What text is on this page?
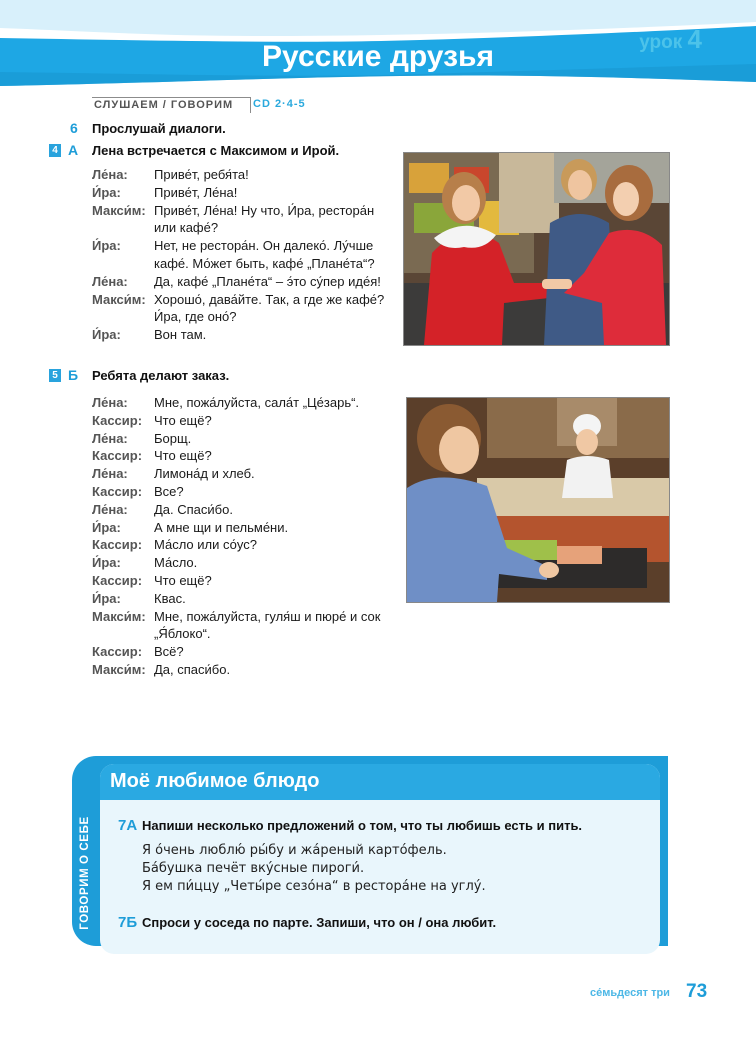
Русские друзья	урок 4
СЛУШАЕМ / ГОВОРИМ	CD 2·4-5
6 Прослушай диалоги.
4 А Лена встречается с Максимом и Ирой.
Ле́на:	Приве́т, ребя́та!
И́ра:	Приве́т, Ле́на!
Макси́м: Приве́т, Ле́на! Ну что, И́ра, рестора́н или кафе́?
И́ра:	Нет, не рестора́н. Он далеко́. Лу́чше кафе́. Мо́жет быть, кафе́ „Плане́та“?
Ле́на:	Да, кафе́ „Плане́та“ – э́то су́пер иде́я!
Макси́м: Хорошо́, дава́йте. Так, а где же кафе́? И́ра, где оно́?
И́ра:	Вон там.
5 Б Ребята делают заказ.
Ле́на:	Мне, пожа́луйста, сала́т „Це́зарь“.
Кассир: Что ещё?
Ле́на:	Борщ.
Кассир: Что ещё?
Ле́на:	Лимона́д и хлеб.
Кассир: Все?
Ле́на:	Да. Спаси́бо.
И́ра:	А мне щи и пельме́ни.
Кассир: Ма́сло или со́ус?
И́ра:	Ма́сло.
Кассир: Что ещё?
И́ра:	Квас.
Макси́м: Мне, пожа́луйста, гуля́ш и пюре́ и сок „Я́блоко“.
Кассир: Всё?
Макси́м: Да, спаси́бо.
ГОВОРИМ О СЕБЕ
Моё любимое блюдо
7А Напиши несколько предложений о том, что ты любишь есть и пить.
Я о́чень люблю́ ры́бу и жа́реный карто́фель.
Ба́бушка печёт вку́сные пироги́.
Я ем пи́ццу „Четы́ре сезо́на“ в рестора́не на углу́.
7Б Спроси у соседа по парте. Запиши, что он / она любит.
се́мьдесят три 73
